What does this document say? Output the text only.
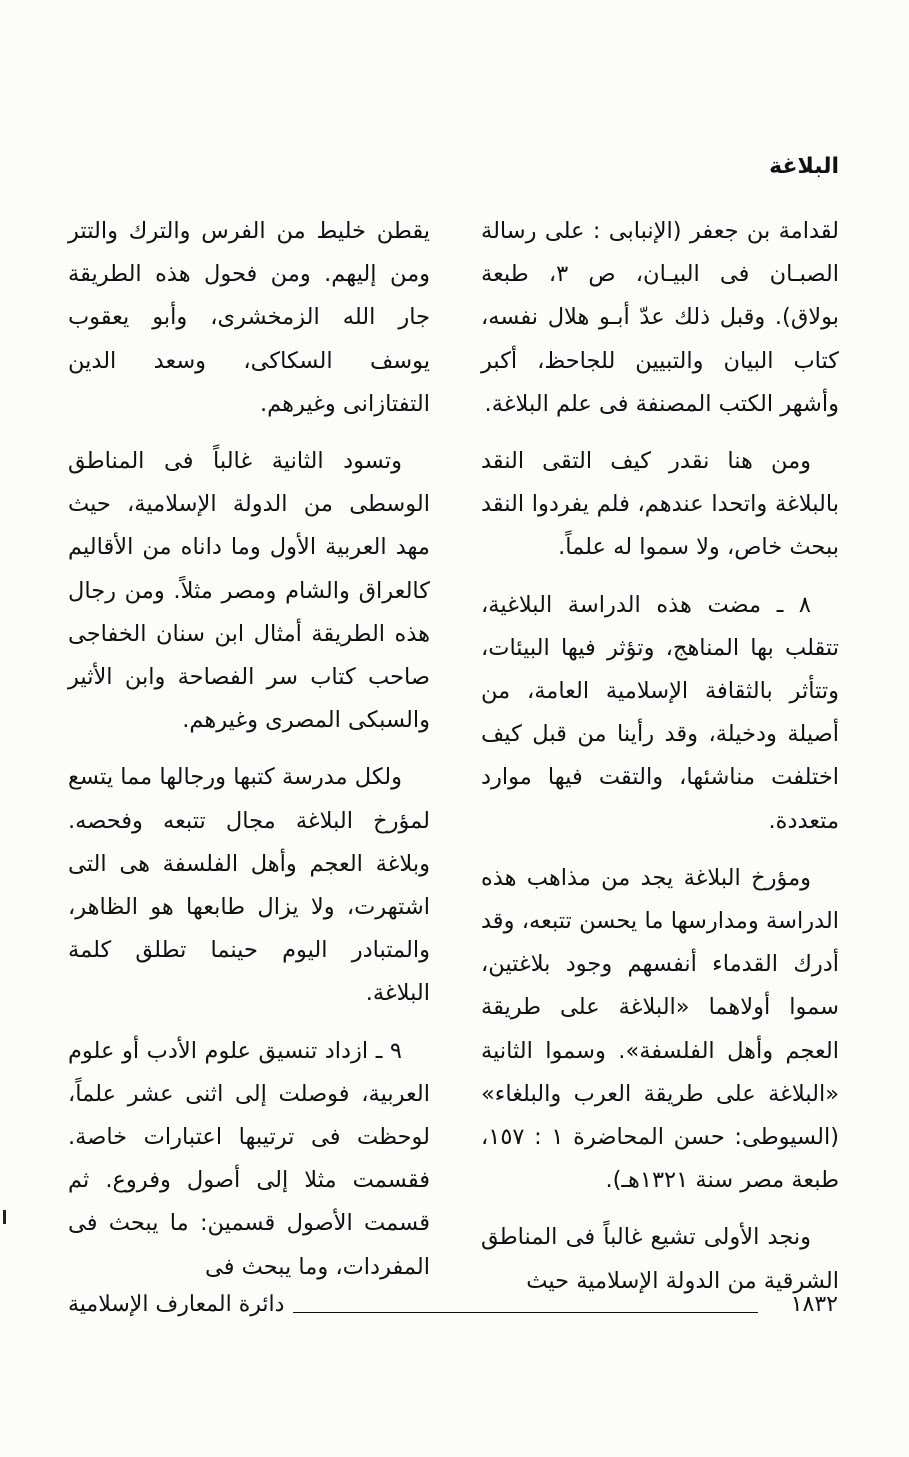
البلاغة

لقدامة بن جعفر (الإنبابى : على رسالة الصبـان فى البيـان، ص ٣، طبعة بولاق). وقبل ذلك عدّ أبـو هلال نفسه، كتاب البيان والتبيين للجاحظ، أكبر وأشهر الكتب المصنفة فى علم البلاغة.

ومن هنا نقدر كيف التقى النقد بالبلاغة واتحدا عندهم، فلم يفردوا النقد ببحث خاص، ولا سموا له علماً.

٨ ـ مضت هذه الدراسة البلاغية، تتقلب بها المناهج، وتؤثر فيها البيئات، وتتأثر بالثقافة الإسلامية العامة، من أصيلة ودخيلة، وقد رأينا من قبل كيف اختلفت مناشئها، والتقت فيها موارد متعددة.

ومؤرخ البلاغة يجد من مذاهب هذه الدراسة ومدارسها ما يحسن تتبعه، وقد أدرك القدماء أنفسهم وجود بلاغتين، سموا أولاهما «البلاغة على طريقة العجم وأهل الفلسفة». وسموا الثانية «البلاغة على طريقة العرب والبلغاء» (السيوطى: حسن المحاضرة ١ : ١٥٧، طبعة مصر سنة ١٣٢١هـ).

ونجد الأولى تشيع غالباً فى المناطق الشرقية من الدولة الإسلامية حيث

يقطن خليط من الفرس والترك والتتر ومن إليهم. ومن فحول هذه الطريقة جار الله الزمخشرى، وأبو يعقوب يوسف السكاكى، وسعد الدين التفتازانى وغيرهم.

وتسود الثانية غالباً فى المناطق الوسطى من الدولة الإسلامية، حيث مهد العربية الأول وما داناه من الأقاليم كالعراق والشام ومصر مثلاً. ومن رجال هذه الطريقة أمثال ابن سنان الخفاجى صاحب كتاب سر الفصاحة وابن الأثير والسبكى المصرى وغيرهم.

ولكل مدرسة كتبها ورجالها مما يتسع لمؤرخ البلاغة مجال تتبعه وفحصه. وبلاغة العجم وأهل الفلسفة هى التى اشتهرت، ولا يزال طابعها هو الظاهر، والمتبادر اليوم حينما تطلق كلمة البلاغة.

٩ ـ ازداد تنسيق علوم الأدب أو علوم العربية، فوصلت إلى اثنى عشر علماً، لوحظت فى ترتيبها اعتبارات خاصة. فقسمت مثلا إلى أصول وفروع. ثم قسمت الأصول قسمين: ما يبحث فى المفردات، وما يبحث فى

١٨٣٢
دائرة المعارف الإسلامية
